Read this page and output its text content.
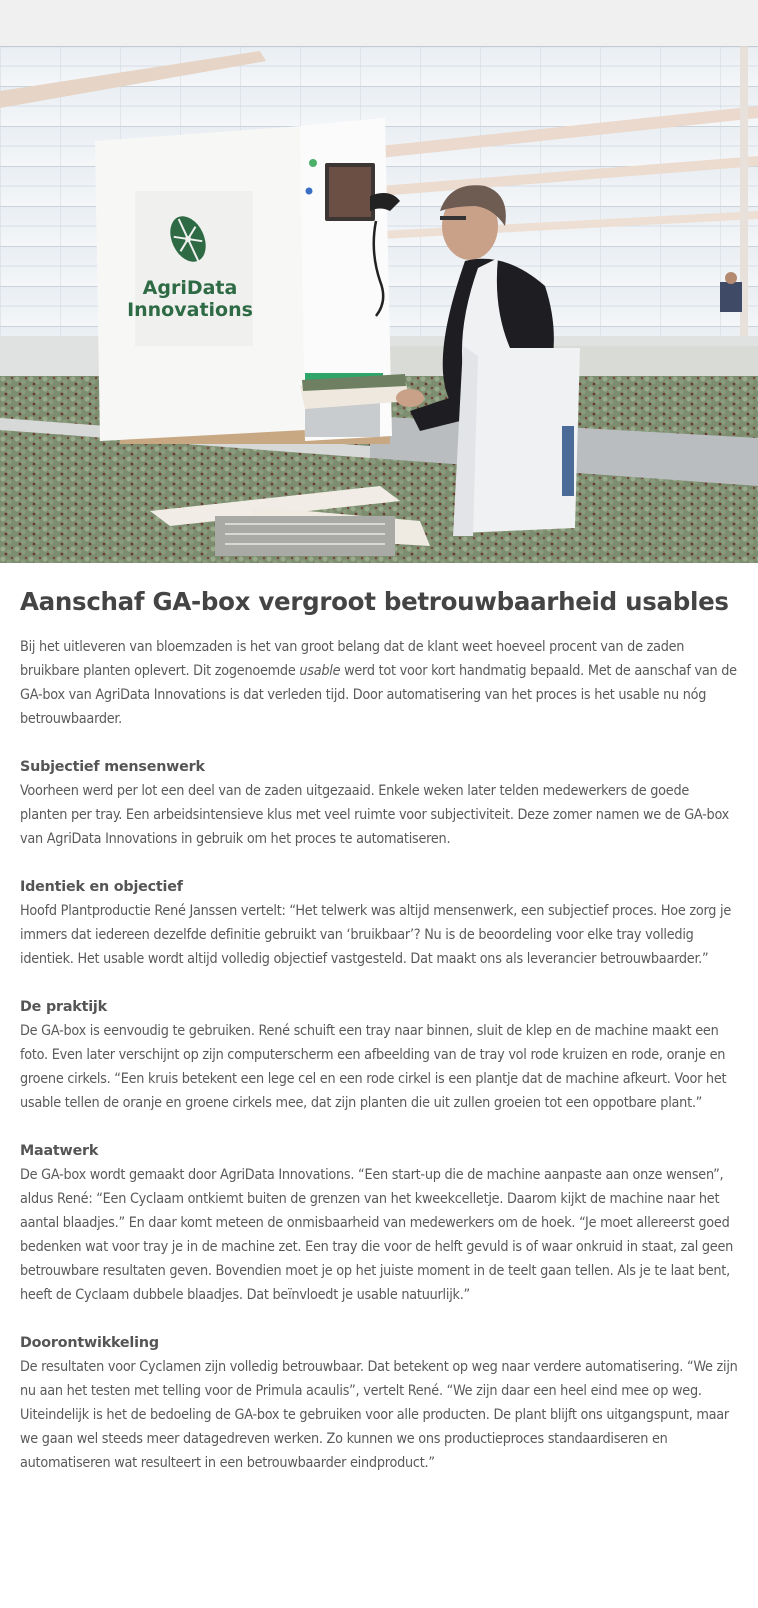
AgriData
Innovations
Aanschaf GA-box vergroot betrouwbaarheid usables

Bij het uitleveren van bloemzaden is het van groot belang dat de klant weet hoeveel procent van de zaden bruikbare planten oplevert. Dit zogenoemde usable werd tot voor kort handmatig bepaald. Met de aanschaf van de GA-box van AgriData Innovations is dat verleden tijd. Door automatisering van het proces is het usable nu nóg betrouwbaarder.

Subjectief mensenwerk

Voorheen werd per lot een deel van de zaden uitgezaaid. Enkele weken later telden medewerkers de goede planten per tray. Een arbeidsintensieve klus met veel ruimte voor subjectiviteit. Deze zomer namen we de GA-box van AgriData Innovations in gebruik om het proces te automatiseren.

Identiek en objectief

Hoofd Plantproductie René Janssen vertelt: “Het telwerk was altijd mensenwerk, een subjectief proces. Hoe zorg je immers dat iedereen dezelfde definitie gebruikt van ‘bruikbaar’? Nu is de beoordeling voor elke tray volledig identiek. Het usable wordt altijd volledig objectief vastgesteld. Dat maakt ons als leverancier betrouwbaarder.”

De praktijk

De GA-box is eenvoudig te gebruiken. René schuift een tray naar binnen, sluit de klep en de machine maakt een foto. Even later verschijnt op zijn computerscherm een afbeelding van de tray vol rode kruizen en rode, oranje en groene cirkels. “Een kruis betekent een lege cel en een rode cirkel is een plantje dat de machine afkeurt. Voor het usable tellen de oranje en groene cirkels mee, dat zijn planten die uit zullen groeien tot een oppotbare plant.”

Maatwerk

De GA-box wordt gemaakt door AgriData Innovations. “Een start-up die de machine aanpaste aan onze wensen”, aldus René: “Een Cyclaam ontkiemt buiten de grenzen van het kweekcelletje. Daarom kijkt de machine naar het aantal blaadjes.” En daar komt meteen de onmisbaarheid van medewerkers om de hoek. “Je moet allereerst goed bedenken wat voor tray je in de machine zet. Een tray die voor de helft gevuld is of waar onkruid in staat, zal geen betrouwbare resultaten geven. Bovendien moet je op het juiste moment in de teelt gaan tellen. Als je te laat bent, heeft de Cyclaam dubbele blaadjes. Dat beïnvloedt je usable natuurlijk.”

Doorontwikkeling

De resultaten voor Cyclamen zijn volledig betrouwbaar. Dat betekent op weg naar verdere automatisering. “We zijn nu aan het testen met telling voor de Primula acaulis”, vertelt René. “We zijn daar een heel eind mee op weg. Uiteindelijk is het de bedoeling de GA-box te gebruiken voor alle producten. De plant blijft ons uitgangspunt, maar we gaan wel steeds meer datagedreven werken. Zo kunnen we ons productieproces standaardiseren en automatiseren wat resulteert in een betrouwbaarder eindproduct.”
